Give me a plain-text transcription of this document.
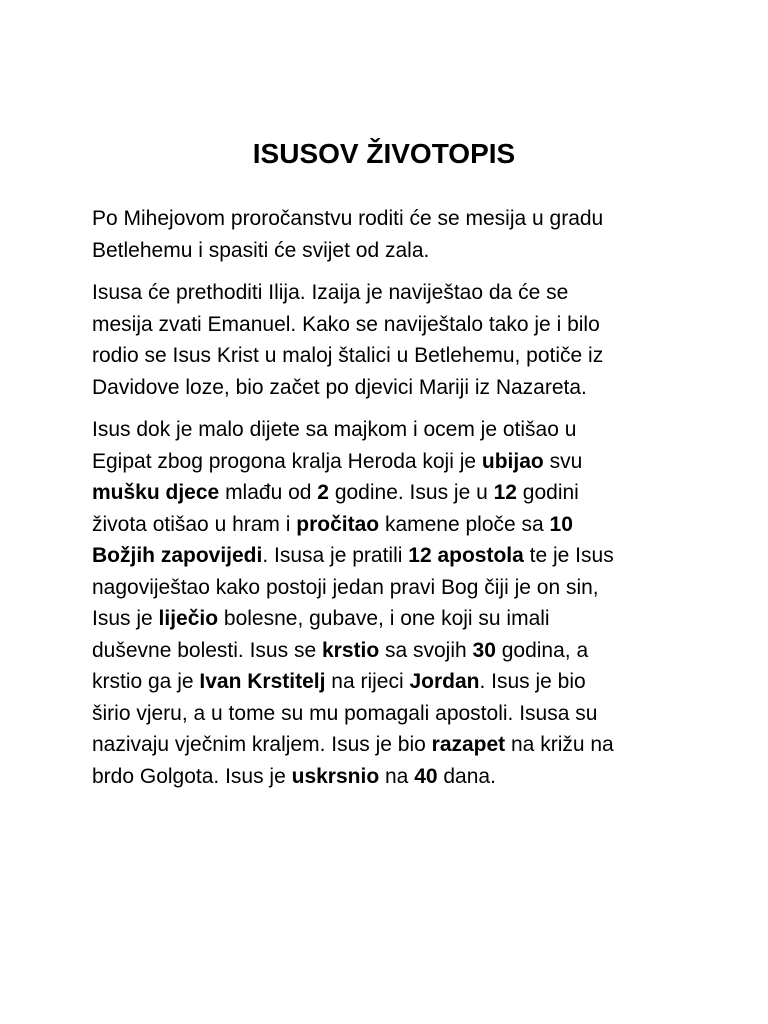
ISUSOV ŽIVOTOPIS

Po Mihejovom proročanstvu roditi će se mesija u gradu
Betlehemu i spasiti će svijet od zala.

Isusa će prethoditi Ilija. Izaija je naviještao da će se
mesija zvati Emanuel. Kako se naviještalo tako je i bilo
rodio se Isus Krist u maloj štalici u Betlehemu, potiče iz
Davidove loze, bio začet po djevici Mariji iz Nazareta.

Isus dok je malo dijete sa majkom i ocem je otišao u
Egipat zbog progona kralja Heroda koji je ubijao svu
mušku djece mlađu od 2 godine. Isus je u 12 godini
života otišao u hram i pročitao kamene ploče sa 10
Božjih zapovijedi. Isusa je pratili 12 apostola te je Isus
nagoviještao kako postoji jedan pravi Bog čiji je on sin,
Isus je liječio bolesne, gubave, i one koji su imali
duševne bolesti. Isus se krstio sa svojih 30 godina, a
krstio ga je Ivan Krstitelj na rijeci Jordan. Isus je bio
širio vjeru, a u tome su mu pomagali apostoli. Isusa su
nazivaju vječnim kraljem. Isus je bio razapet na križu na
brdo Golgota. Isus je uskrsnio na 40 dana.
